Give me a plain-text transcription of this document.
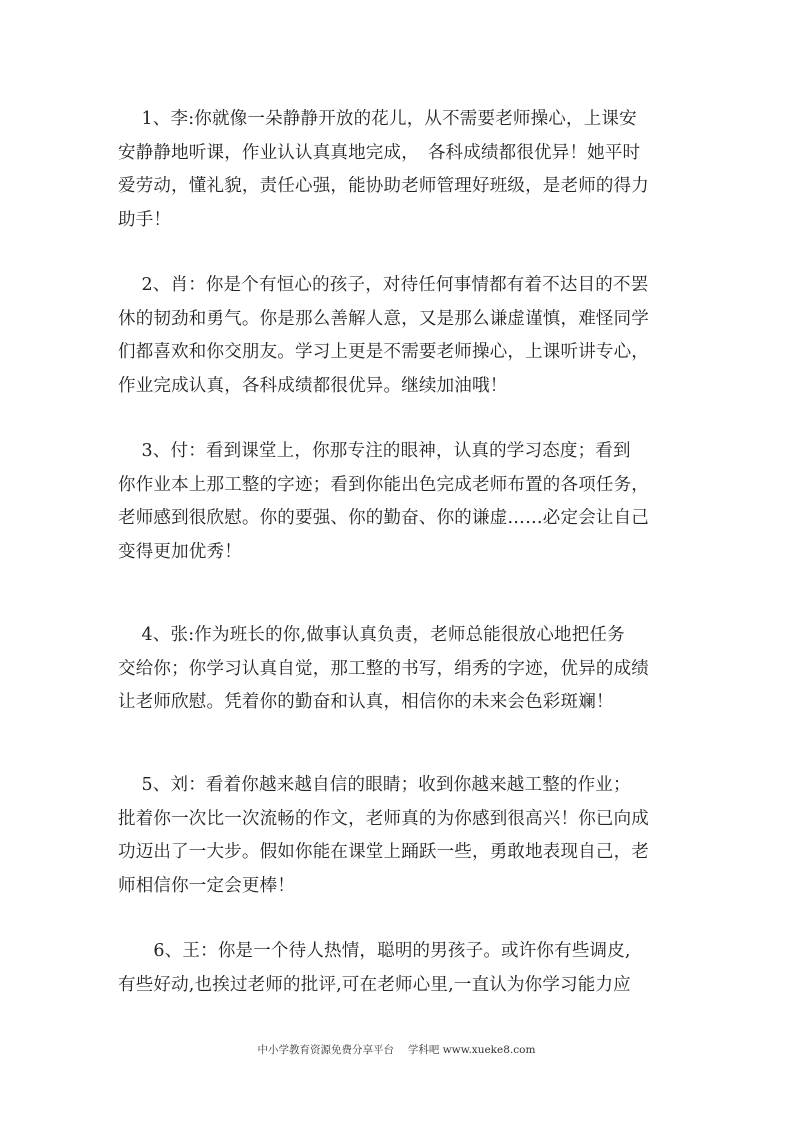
　 1、李:你就像一朵静静开放的花儿，从不需要老师操心，上课安
安静静地听课，作业认认真真地完成，　各科成绩都很优异！她平时
爱劳动，懂礼貌，责任心强，能协助老师管理好班级，是老师的得力
助手！
　 2、肖：你是个有恒心的孩子，对待任何事情都有着不达目的不罢
休的韧劲和勇气。你是那么善解人意，又是那么谦虚谨慎，难怪同学
们都喜欢和你交朋友。学习上更是不需要老师操心，上课听讲专心，
作业完成认真，各科成绩都很优异。继续加油哦！
　 3、付：看到课堂上，你那专注的眼神，认真的学习态度；看到
你作业本上那工整的字迹；看到你能出色完成老师布置的各项任务，
老师感到很欣慰。你的要强、你的勤奋、你的谦虚……必定会让自己
变得更加优秀！
　 4、张:作为班长的你,做事认真负责，老师总能很放心地把任务
交给你；你学习认真自觉，那工整的书写，绢秀的字迹，优异的成绩
让老师欣慰。凭着你的勤奋和认真，相信你的未来会色彩斑斓！
　 5、刘：看着你越来越自信的眼睛；收到你越来越工整的作业；
批着你一次比一次流畅的作文，老师真的为你感到很高兴！你已向成
功迈出了一大步。假如你能在课堂上踊跃一些，勇敢地表现自己，老
师相信你一定会更棒！
　　6、王：你是一个待人热情，聪明的男孩子。或许你有些调皮,
有些好动,也挨过老师的批评,可在老师心里,一直认为你学习能力应
中小学教育资源免费分享平台　 学科吧 www.xueke8.com
